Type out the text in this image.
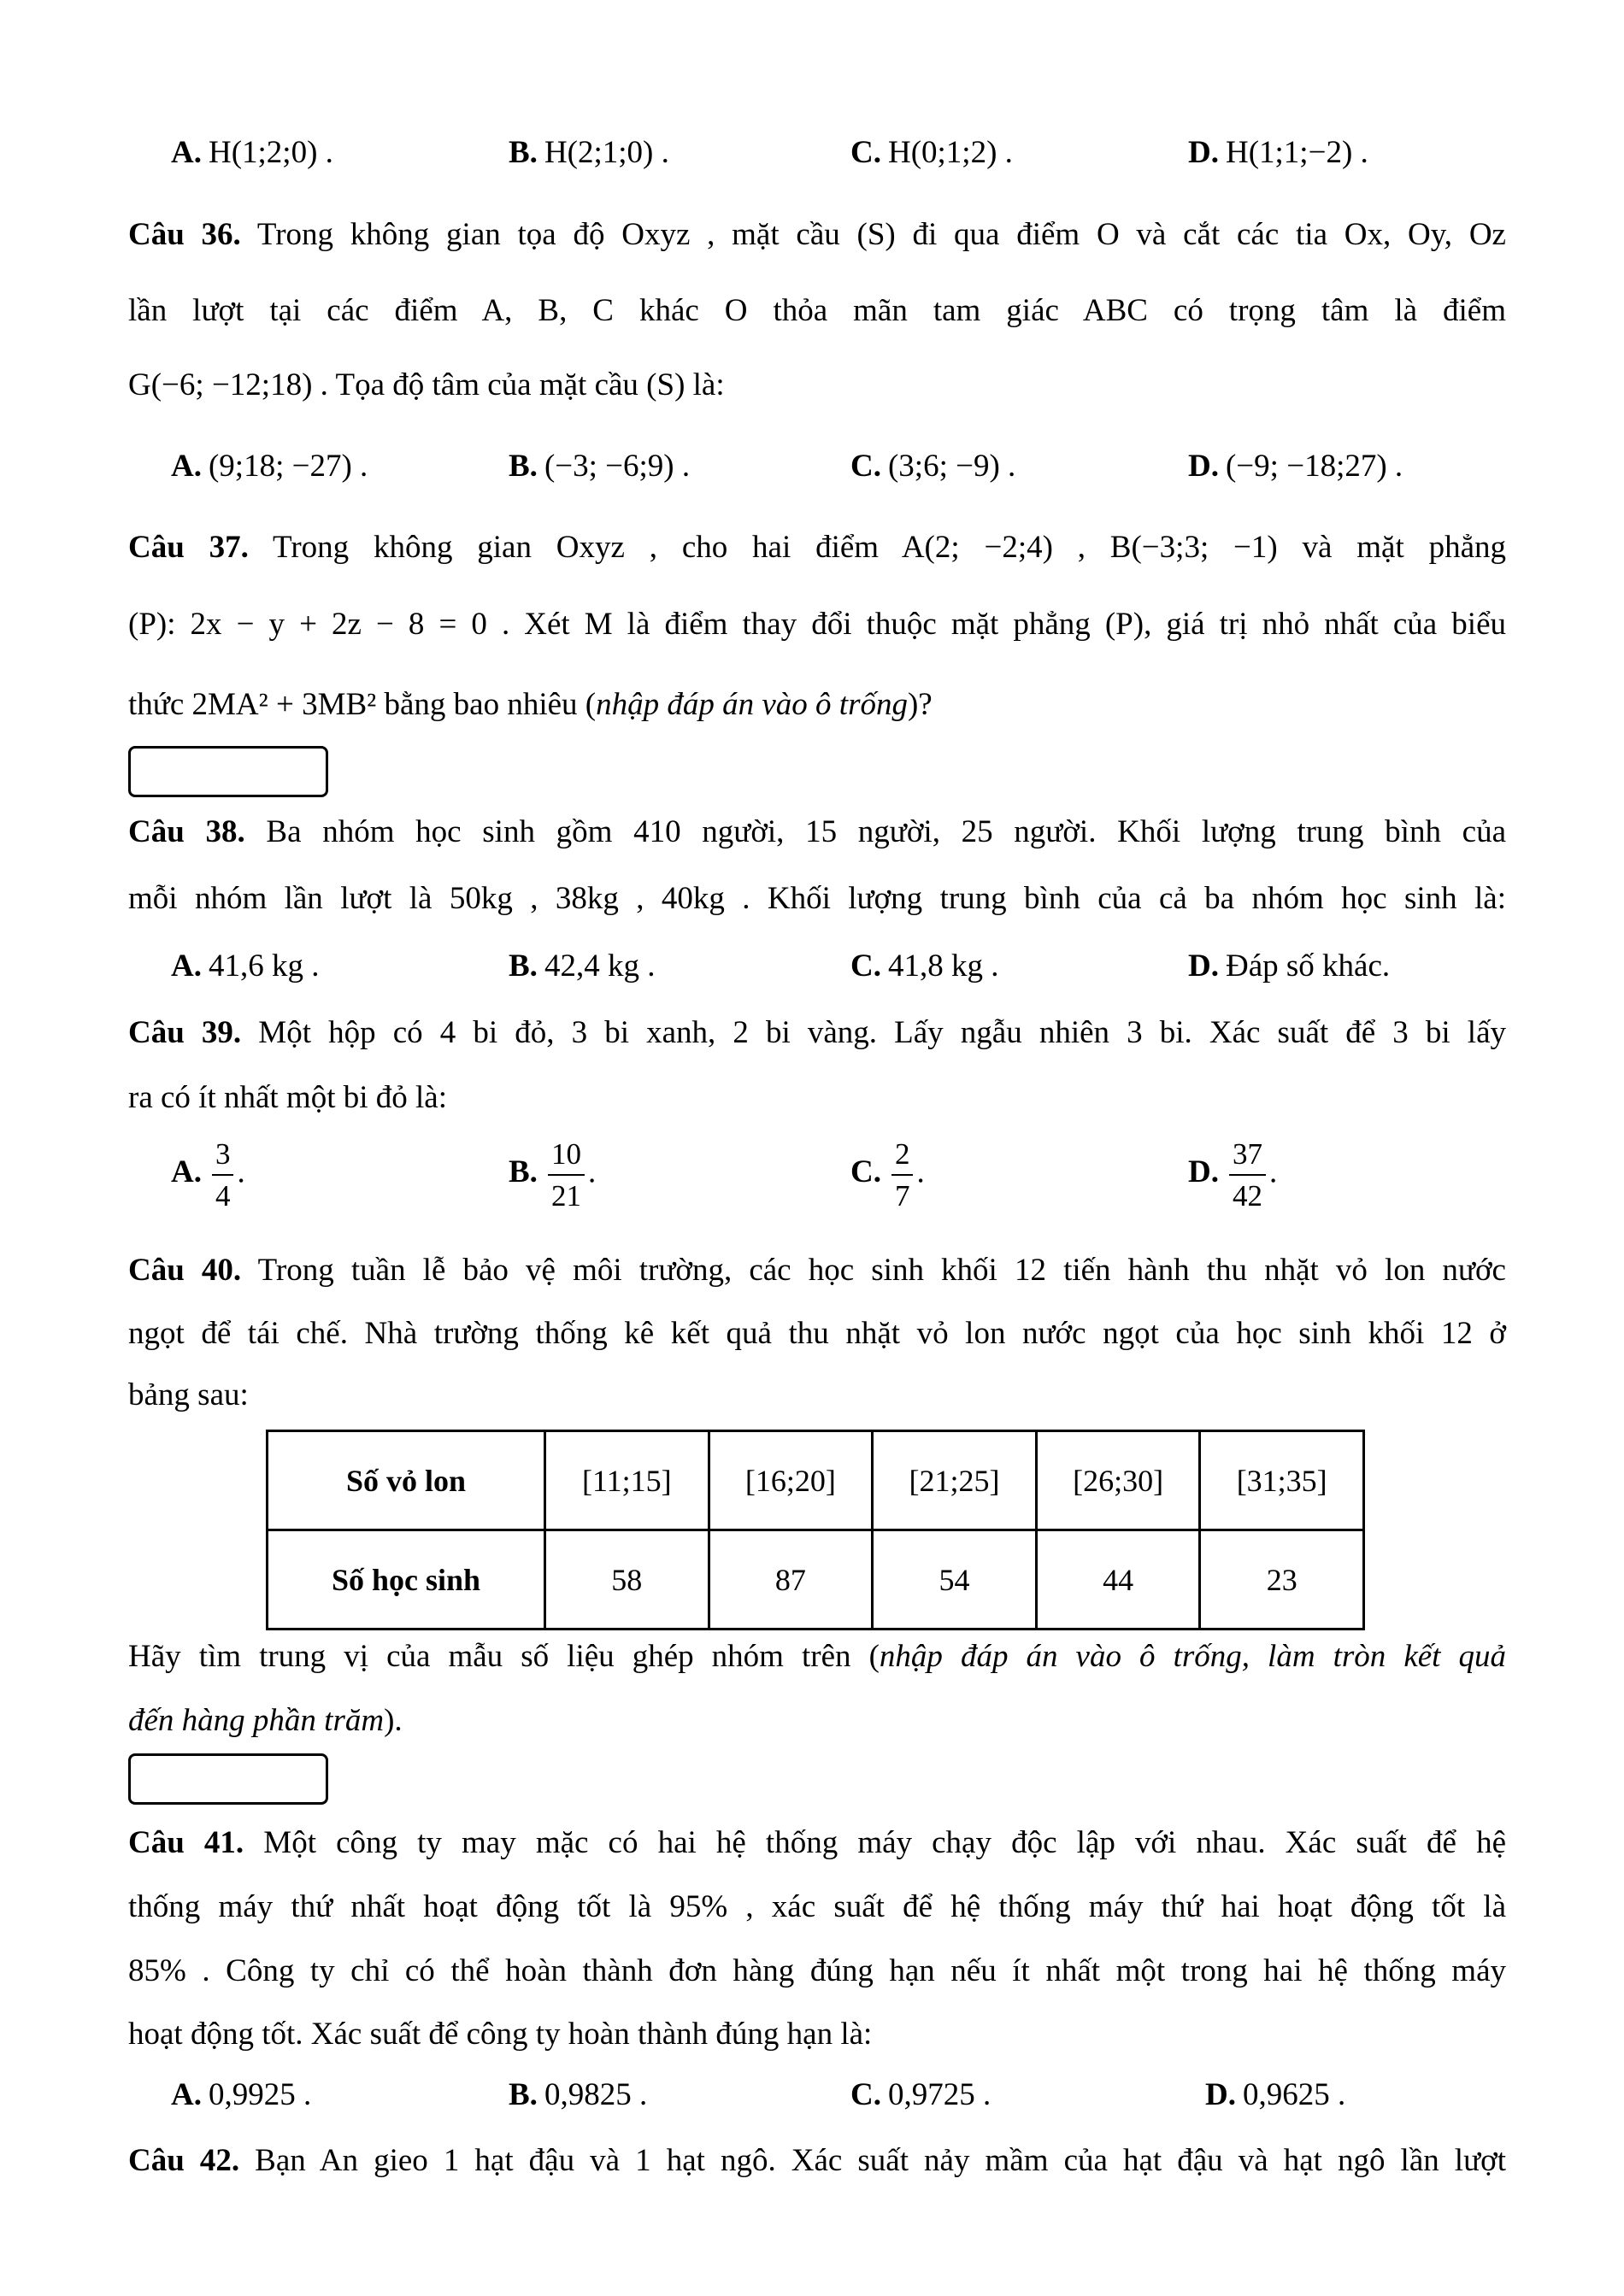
A. H(1;2;0) .	B. H(2;1;0) .	C. H(0;1;2) .	D. H(1;1;−2) .
Câu 36. Trong không gian tọa độ Oxyz , mặt cầu (S) đi qua điểm O và cắt các tia Ox, Oy, Oz
lần lượt tại các điểm A, B, C khác O thỏa mãn tam giác ABC có trọng tâm là điểm
G(−6; −12;18) . Tọa độ tâm của mặt cầu (S) là:
A. (9;18; −27) .	B. (−3; −6;9) .	C. (3;6; −9) .	D. (−9; −18;27) .
Câu 37. Trong không gian Oxyz , cho hai điểm A(2; −2;4) , B(−3;3; −1) và mặt phẳng
(P): 2x − y + 2z − 8 = 0 . Xét M là điểm thay đổi thuộc mặt phẳng (P), giá trị nhỏ nhất của biểu
thức 2MA² + 3MB² bằng bao nhiêu (nhập đáp án vào ô trống)?
Câu 38. Ba nhóm học sinh gồm 410 người, 15 người, 25 người. Khối lượng trung bình của
mỗi nhóm lần lượt là 50kg , 38kg , 40kg . Khối lượng trung bình của cả ba nhóm học sinh là:
A. 41,6 kg .	B. 42,4 kg .	C. 41,8 kg .	D. Đáp số khác.
Câu 39. Một hộp có 4 bi đỏ, 3 bi xanh, 2 bi vàng. Lấy ngẫu nhiên 3 bi. Xác suất để 3 bi lấy
ra có ít nhất một bi đỏ là:
A. $\frac{3}{4}$ .	B. $\frac{10}{21}$ .	C. $\frac{2}{7}$ .	D. $\frac{37}{42}$ .
Câu 40. Trong tuần lễ bảo vệ môi trường, các học sinh khối 12 tiến hành thu nhặt vỏ lon nước
ngọt để tái chế. Nhà trường thống kê kết quả thu nhặt vỏ lon nước ngọt của học sinh khối 12 ở
bảng sau:
Số vỏ lon	[11;15]	[16;20]	[21;25]	[26;30]	[31;35]
Số học sinh	58	87	54	44	23
Hãy tìm trung vị của mẫu số liệu ghép nhóm trên (nhập đáp án vào ô trống, làm tròn kết quả
đến hàng phần trăm).
Câu 41. Một công ty may mặc có hai hệ thống máy chạy độc lập với nhau. Xác suất để hệ
thống máy thứ nhất hoạt động tốt là 95% , xác suất để hệ thống máy thứ hai hoạt động tốt là
85% . Công ty chỉ có thể hoàn thành đơn hàng đúng hạn nếu ít nhất một trong hai hệ thống máy
hoạt động tốt. Xác suất để công ty hoàn thành đúng hạn là:
A. 0,9925 .	B. 0,9825 .	C. 0,9725 .	D. 0,9625 .
Câu 42. Bạn An gieo 1 hạt đậu và 1 hạt ngô. Xác suất nảy mầm của hạt đậu và hạt ngô lần lượt
